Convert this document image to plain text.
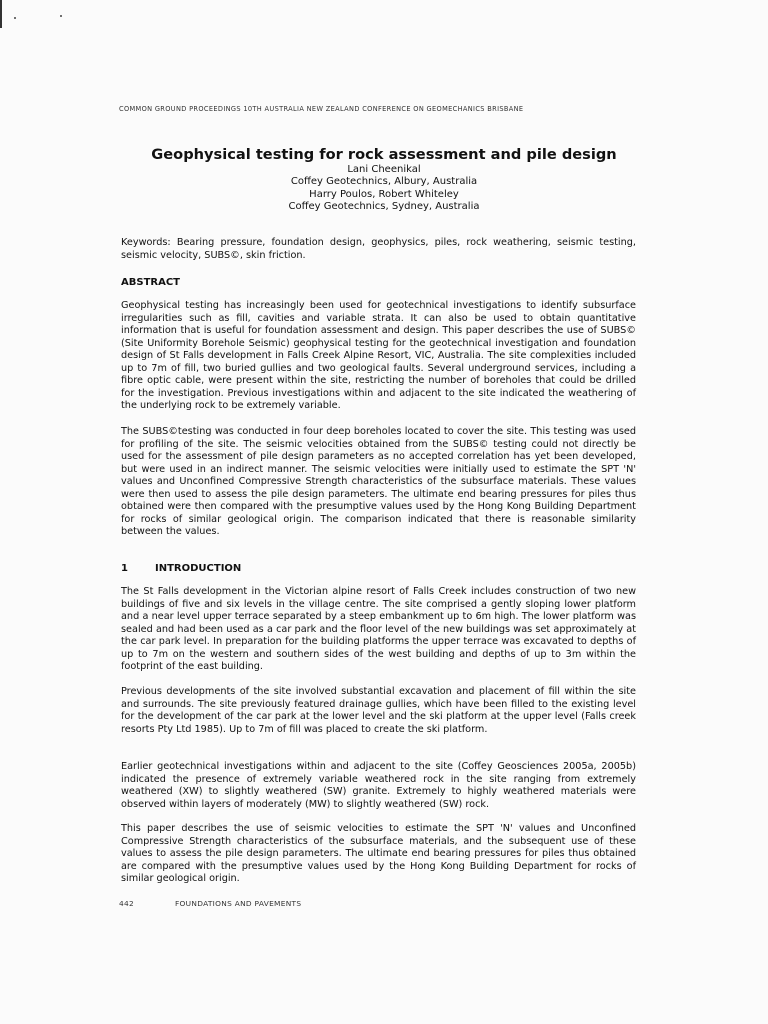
COMMON GROUND PROCEEDINGS 10TH AUSTRALIA NEW ZEALAND CONFERENCE ON GEOMECHANICS BRISBANE
Geophysical testing for rock assessment and pile design
Lani Cheenikal
Coffey Geotechnics, Albury, Australia
Harry Poulos, Robert Whiteley
Coffey Geotechnics, Sydney, Australia

Keywords: Bearing pressure, foundation design, geophysics, piles, rock weathering, seismic testing, seismic velocity, SUBS©, skin friction.

ABSTRACT

Geophysical testing has increasingly been used for geotechnical investigations to identify subsurface irregularities such as fill, cavities and variable strata. It can also be used to obtain quantitative information that is useful for foundation assessment and design. This paper describes the use of SUBS© (Site Uniformity Borehole Seismic) geophysical testing for the geotechnical investigation and foundation design of St Falls development in Falls Creek Alpine Resort, VIC, Australia. The site complexities included up to 7m of fill, two buried gullies and two geological faults. Several underground services, including a fibre optic cable, were present within the site, restricting the number of boreholes that could be drilled for the investigation. Previous investigations within and adjacent to the site indicated the weathering of the underlying rock to be extremely variable.

The SUBS©testing was conducted in four deep boreholes located to cover the site. This testing was used for profiling of the site. The seismic velocities obtained from the SUBS© testing could not directly be used for the assessment of pile design parameters as no accepted correlation has yet been developed, but were used in an indirect manner. The seismic velocities were initially used to estimate the SPT 'N' values and Unconfined Compressive Strength characteristics of the subsurface materials. These values were then used to assess the pile design parameters. The ultimate end bearing pressures for piles thus obtained were then compared with the presumptive values used by the Hong Kong Building Department for rocks of similar geological origin. The comparison indicated that there is reasonable similarity between the values.

1	INTRODUCTION

The St Falls development in the Victorian alpine resort of Falls Creek includes construction of two new buildings of five and six levels in the village centre. The site comprised a gently sloping lower platform and a near level upper terrace separated by a steep embankment up to 6m high. The lower platform was sealed and had been used as a car park and the floor level of the new buildings was set approximately at the car park level. In preparation for the building platforms the upper terrace was excavated to depths of up to 7m on the western and southern sides of the west building and depths of up to 3m within the footprint of the east building.

Previous developments of the site involved substantial excavation and placement of fill within the site and surrounds. The site previously featured drainage gullies, which have been filled to the existing level for the development of the car park at the lower level and the ski platform at the upper level (Falls creek resorts Pty Ltd 1985). Up to 7m of fill was placed to create the ski platform.

Earlier geotechnical investigations within and adjacent to the site (Coffey Geosciences 2005a, 2005b) indicated the presence of extremely variable weathered rock in the site ranging from extremely weathered (XW) to slightly weathered (SW) granite. Extremely to highly weathered materials were observed within layers of moderately (MW) to slightly weathered (SW) rock.

This paper describes the use of seismic velocities to estimate the SPT 'N' values and Unconfined Compressive Strength characteristics of the subsurface materials, and the subsequent use of these values to assess the pile design parameters. The ultimate end bearing pressures for piles thus obtained are compared with the presumptive values used by the Hong Kong Building Department for rocks of similar geological origin.

442	FOUNDATIONS AND PAVEMENTS
